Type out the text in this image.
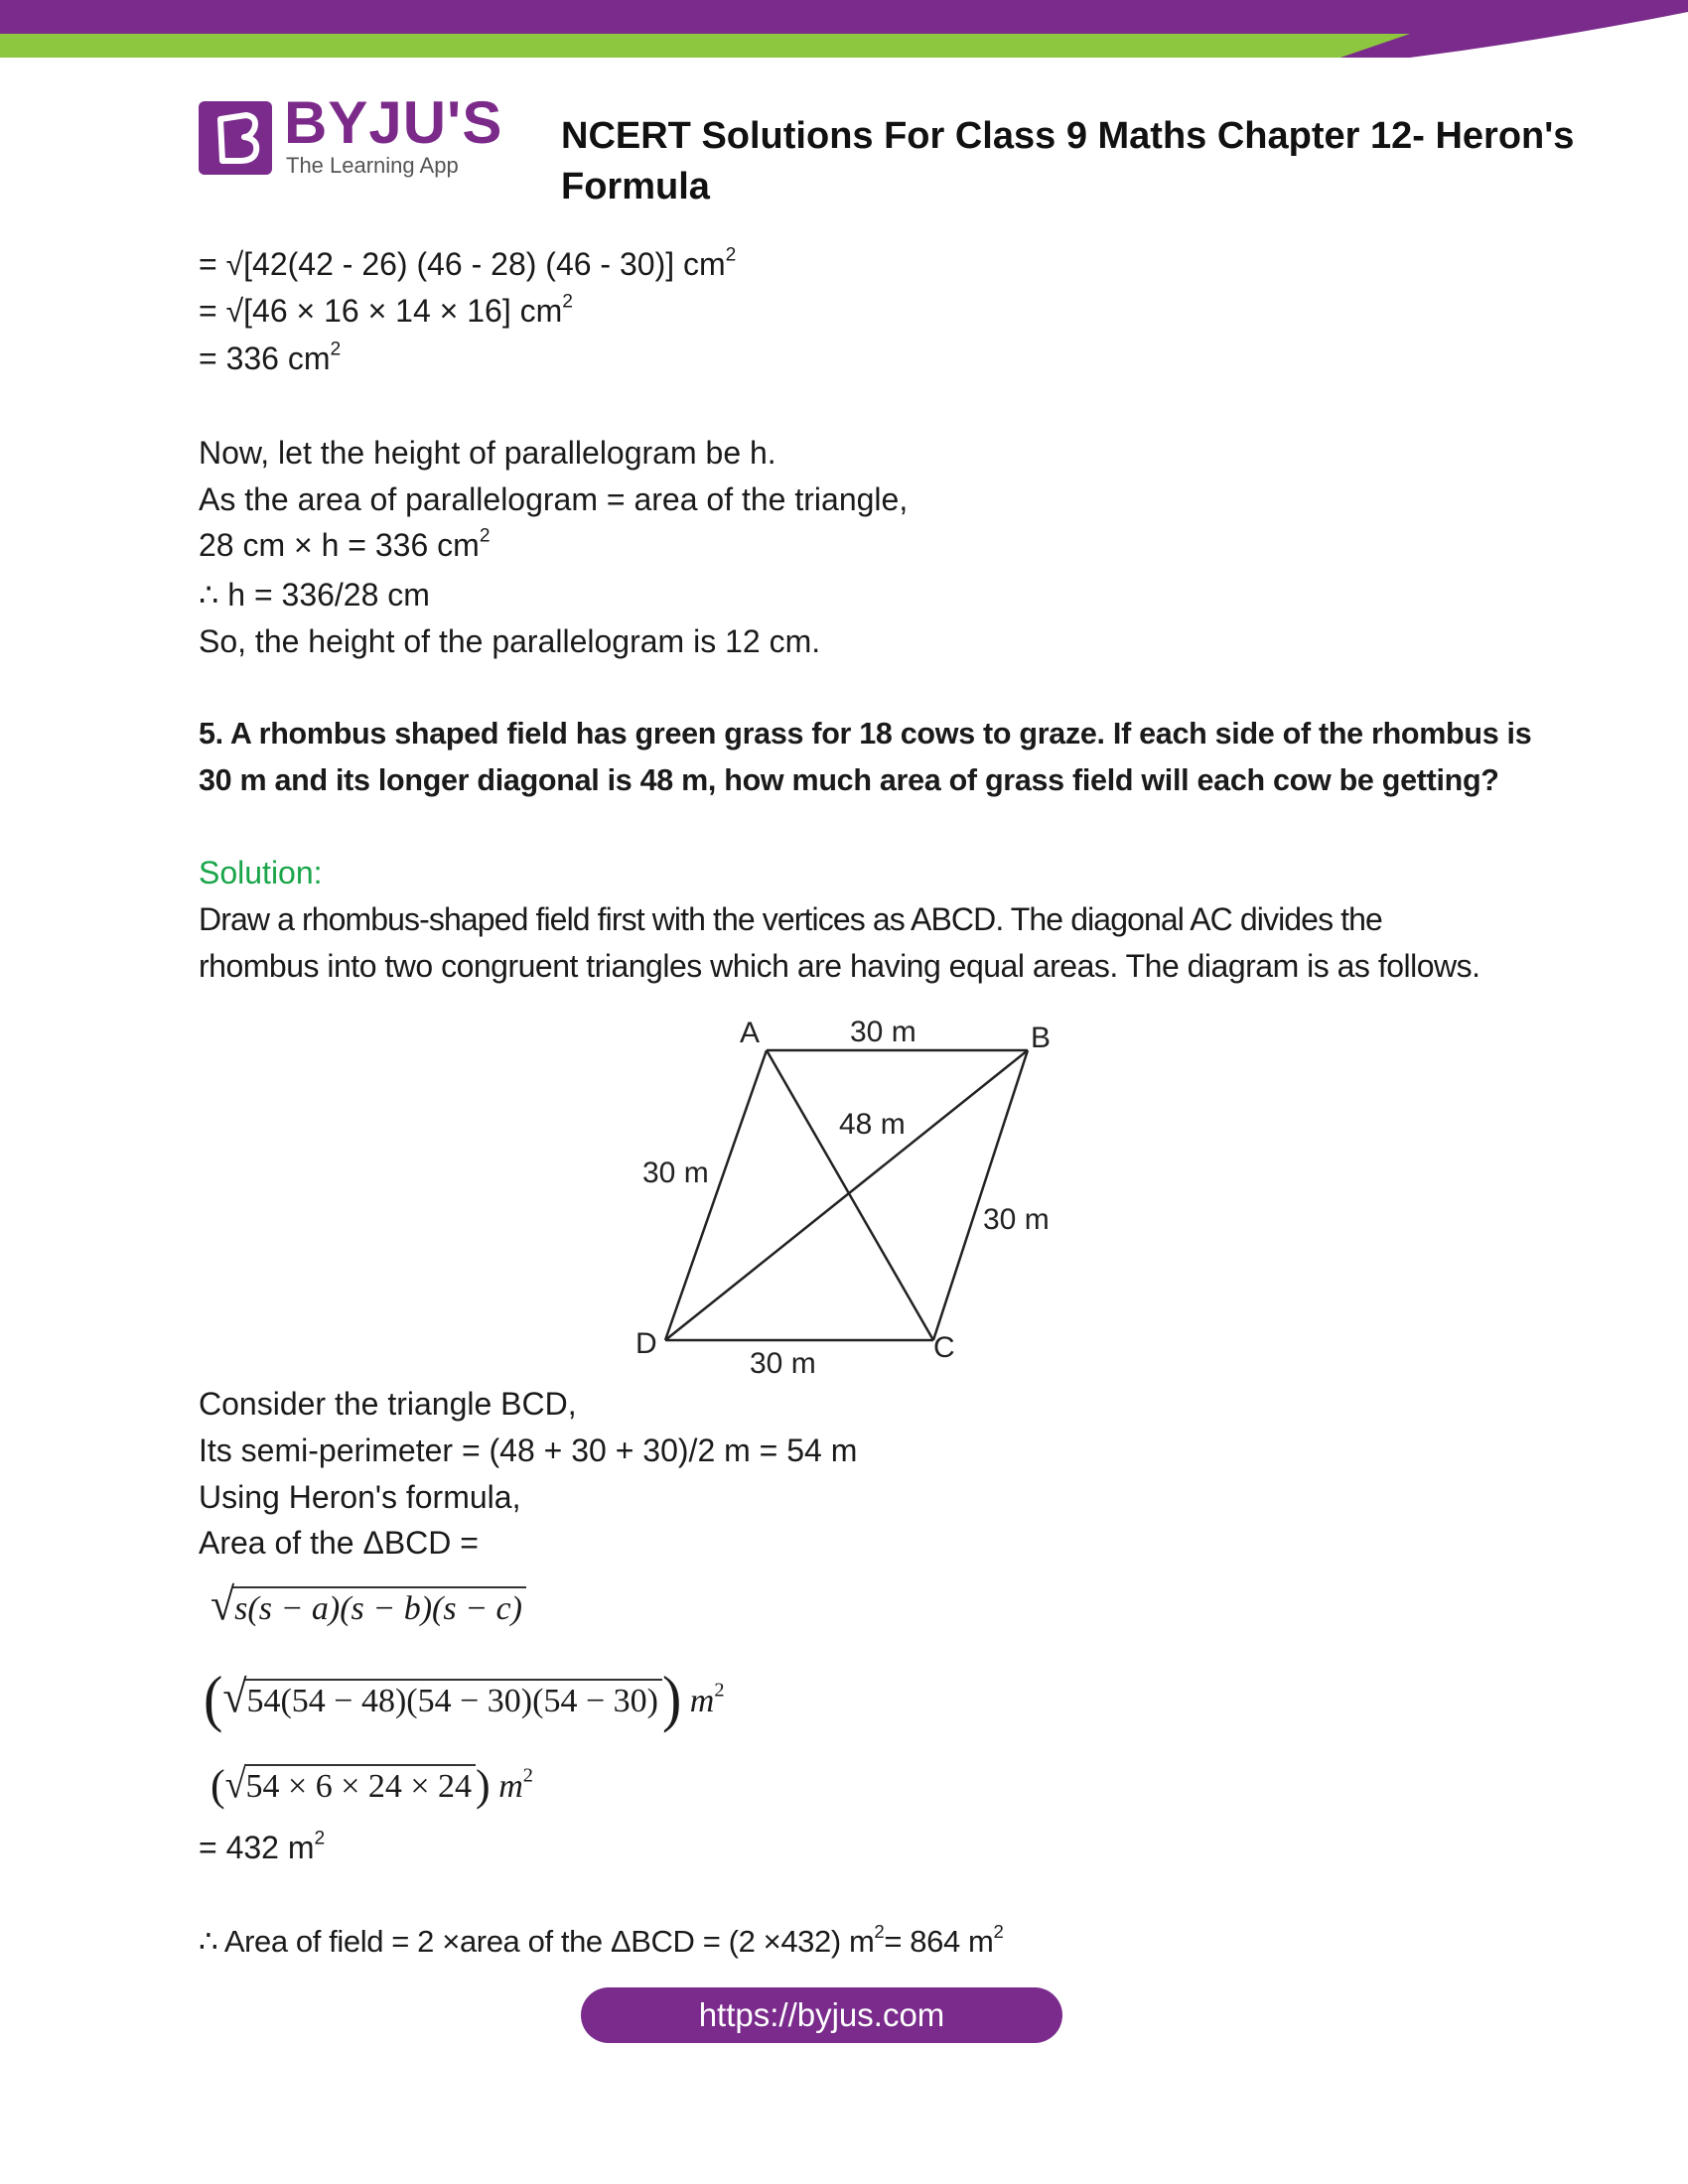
BYJU'S
The Learning App
NCERT Solutions For Class 9 Maths Chapter 12- Heron's Formula
= √[42(42 - 26) (46 - 28) (46 - 30)] $cm^2$
= √[46 × 16 × 14 × 16] $cm^2$
= 336 $cm^2$
Now, let the height of parallelogram be h.
As the area of parallelogram = area of the triangle,
28 cm × h = 336 $cm^2$
∴ h = 336/28 cm
So, the height of the parallelogram is 12 cm.
5. A rhombus shaped field has green grass for 18 cows to graze. If each side of the rhombus is
30 m and its longer diagonal is 48 m, how much area of grass field will each cow be getting?
Solution:
Draw a rhombus-shaped field first with the vertices as ABCD. The diagonal AC divides the
rhombus into two congruent triangles which are having equal areas. The diagram is as follows.
A	B
C
D
30 m
30 m
30 m
30 m
48 m
Consider the triangle BCD,
Its semi-perimeter = (48 + 30 + 30)/2 m = 54 m
Using Heron's formula,
Area of the ΔBCD =
√s(s − a)(s − b)(s − c)
(√54(54 − 48)(54 − 30)(54 − 30)) $m^2$
(√54 × 6 × 24 × 24) $m^2$
= 432 $m^2$
∴ Area of field = 2 ×area of the ΔBCD = (2 ×432) $m^2= 864$ $m^2$
https://byjus.com
